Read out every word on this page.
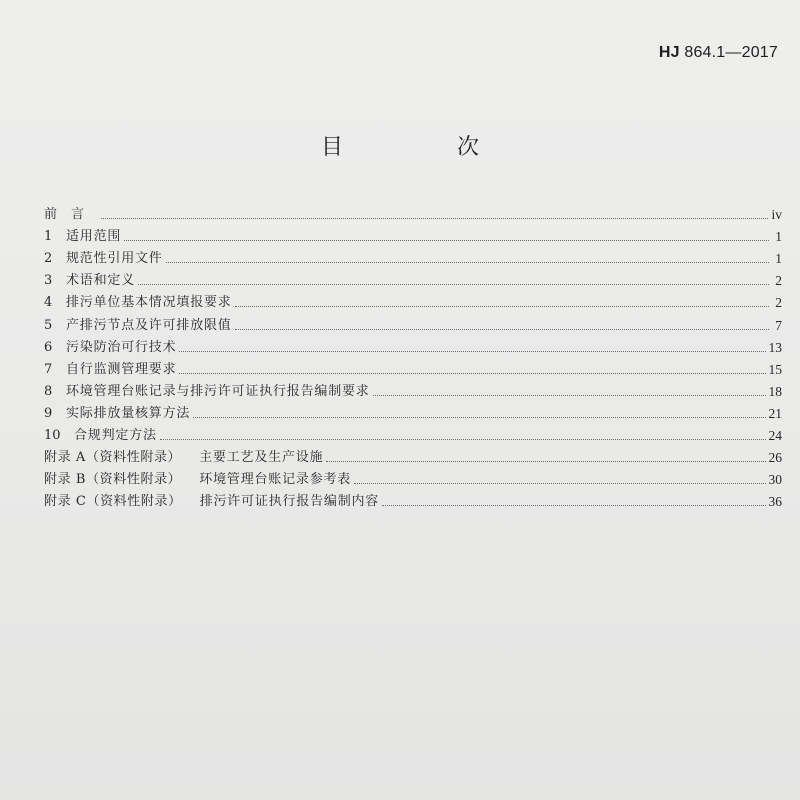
HJ 864.1—2017
目　次
前言	iv
1	适用范围	1
2	规范性引用文件	1
3	术语和定义	2
4	排污单位基本情况填报要求	2
5	产排污节点及许可排放限值	7
6	污染防治可行技术	13
7	自行监测管理要求	15
8	环境管理台账记录与排污许可证执行报告编制要求	18
9	实际排放量核算方法	21
10	合规判定方法	24
附录 A（资料性附录） 主要工艺及生产设施	26
附录 B（资料性附录） 环境管理台账记录参考表	30
附录 C（资料性附录） 排污许可证执行报告编制内容	36
